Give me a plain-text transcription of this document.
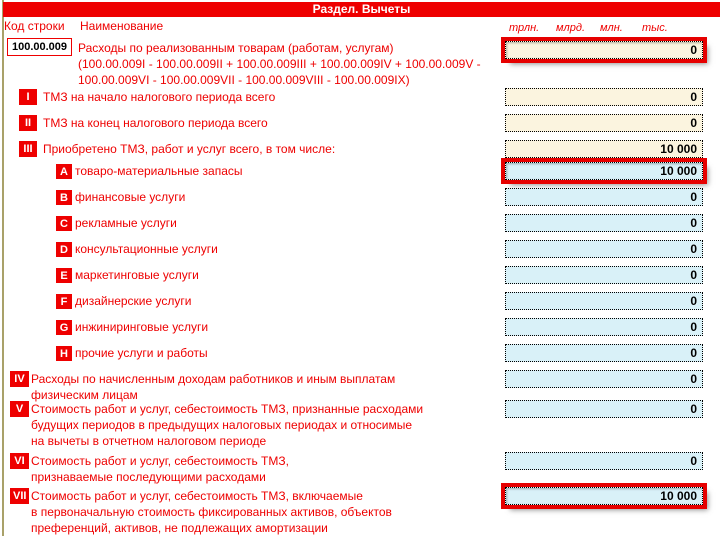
Раздел. Вычеты
Код строки Наименование	трлн. млрд. млн. тыс.
100.00.009 Расходы по реализованным товарам (работам, услугам)
(100.00.009I - 100.00.009II + 100.00.009III + 100.00.009IV + 100.00.009V -
100.00.009VI - 100.00.009VII - 100.00.009VIII - 100.00.009IX)
0
I	ТМЗ на начало налогового периода всего	0
II ТМЗ на конец налогового периода всего	0
III Приобретено ТМЗ, работ и услуг всего, в том числе:	10 000
A товаро-материальные запасы	10 000
B финансовые услуги	0
C рекламные услуги	0
D консультационные услуги	0
E маркетинговые услуги	0
F дизайнерские услуги	0
G инжиниринговые услуги	0
H прочие услуги и работы	0
IV Расходы по начисленным доходам работников и иным выплатам
физическим лицам
0
V Стоимость работ и услуг, себестоимость ТМЗ, признанные расходами
будущих периодов в предыдущих налоговых периодах и относимые
на вычеты в отчетном налоговом периоде
0
VI Стоимость работ и услуг, себестоимость ТМЗ,
признаваемые последующими расходами
0
VII Стоимость работ и услуг, себестоимость ТМЗ, включаемые
в первоначальную стоимость фиксированных активов, объектов
преференций, активов, не подлежащих амортизации
10 000
